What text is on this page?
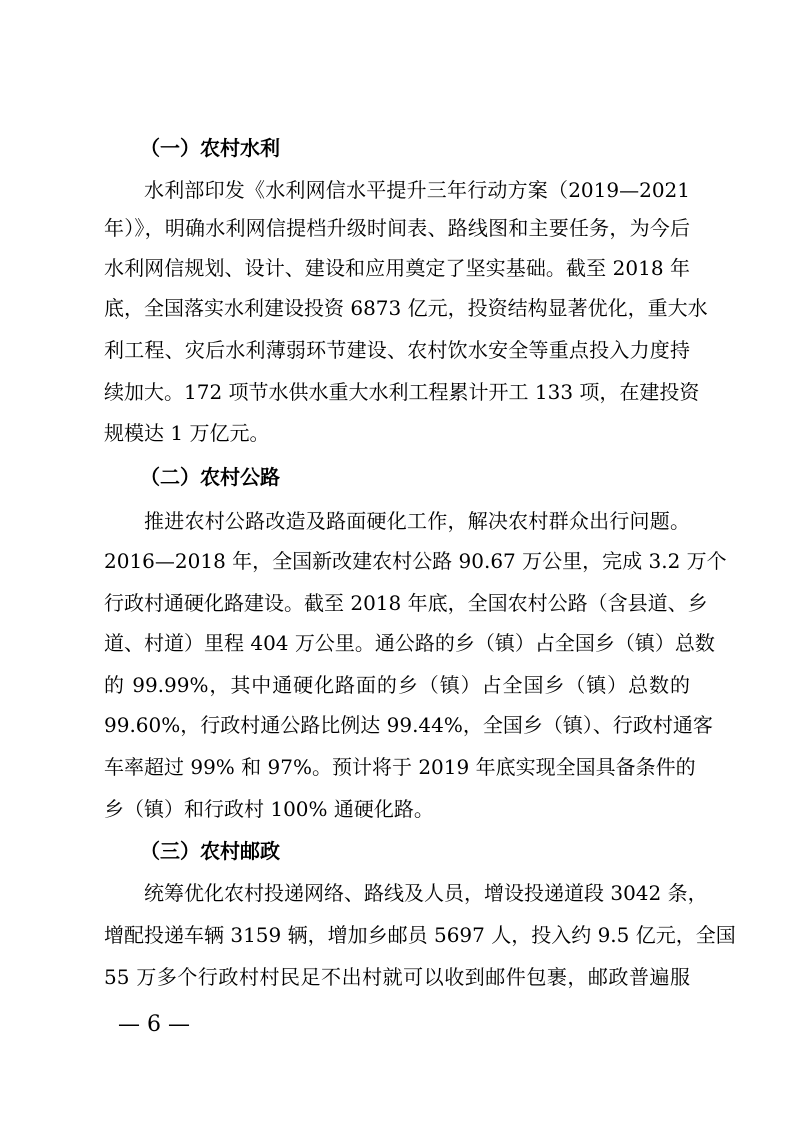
（一）农村水利
水利部印发《水利网信水平提升三年行动方案（2019—2021
年）》，明确水利网信提档升级时间表、路线图和主要任务，为今后
水利网信规划、设计、建设和应用奠定了坚实基础。截至 2018 年
底，全国落实水利建设投资 6873 亿元，投资结构显著优化，重大水
利工程、灾后水利薄弱环节建设、农村饮水安全等重点投入力度持
续加大。172 项节水供水重大水利工程累计开工 133 项，在建投资
规模达 1 万亿元。
（二）农村公路
推进农村公路改造及路面硬化工作，解决农村群众出行问题。
2016—2018 年，全国新改建农村公路 90.67 万公里，完成 3.2 万个
行政村通硬化路建设。截至 2018 年底，全国农村公路（含县道、乡
道、村道）里程 404 万公里。通公路的乡（镇）占全国乡（镇）总数
的 99.99%，其中通硬化路面的乡（镇）占全国乡（镇）总数的
99.60%，行政村通公路比例达 99.44%，全国乡（镇）、行政村通客
车率超过 99% 和 97%。预计将于 2019 年底实现全国具备条件的
乡（镇）和行政村 100% 通硬化路。
（三）农村邮政
统筹优化农村投递网络、路线及人员，增设投递道段 3042 条，
增配投递车辆 3159 辆，增加乡邮员 5697 人，投入约 9.5 亿元，全国
55 万多个行政村村民足不出村就可以收到邮件包裹，邮政普遍服
— 6 —
